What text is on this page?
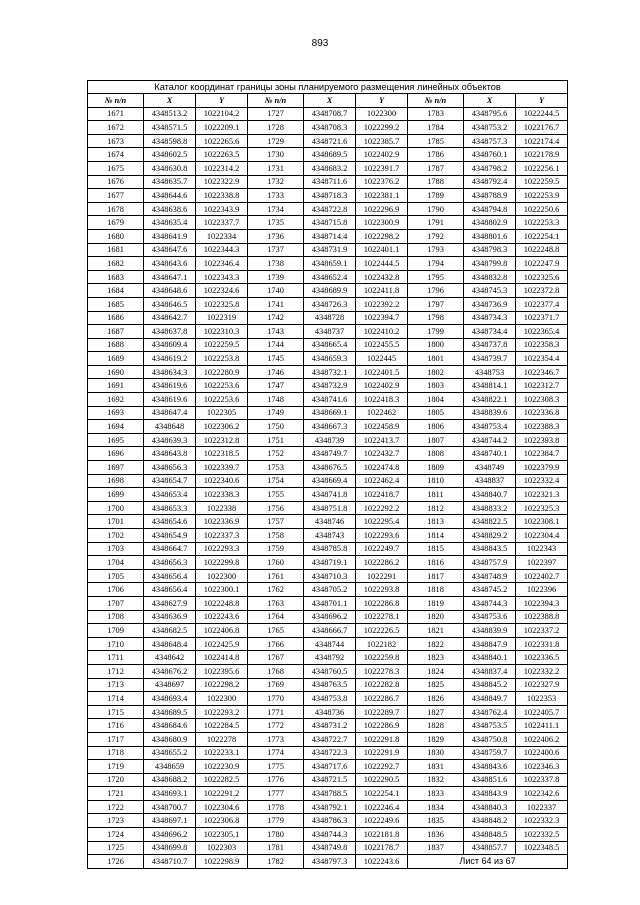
893
Каталог координат границы зоны планируемого размещения линейных объектов								
№ п/п	X	Y	№ п/п	X	Y	№ п/п	X	Y
1671	4348513.2	1022104.2	1727	4348708.7	1022300	1783	4348795.6	1022244.5
1672	4348571.5	1022209.1	1728	4348708.3	1022299.2	1784	4348753.2	1022176.7
1673	4348598.8	1022265.6	1729	4348721.6	1022385.7	1785	4348757.3	1022174.4
1674	4348602.5	1022263.5	1730	4348689.5	1022402.9	1786	4348760.1	1022178.9
1675	4348630.8	1022314.2	1731	4348683.2	1022391.7	1787	4348798.2	1022256.1
1676	4348635.7	1022322.9	1732	4348711.6	1022376.2	1788	4348792.4	1022259.5
1677	4348644.6	1022338.8	1733	4348718.3	1022381.1	1789	4348788.9	1022253.9
1678	4348638.6	1022343.9	1734	4348722.8	1022296.9	1790	4348794.8	1022250.6
1679	4348635.4	1022337.7	1735	4348715.8	1022300.9	1791	4348802.9	1022253.3
1680	4348641.9	1022334	1736	4348714.4	1022298.2	1792	4348801.6	1022254.1
1681	4348647.6	1022344.3	1737	4348731.9	1022401.1	1793	4348798.3	1022248.8
1682	4348643.6	1022346.4	1738	4348659.1	1022444.5	1794	4348799.8	1022247.9
1683	4348647.1	1022343.3	1739	4348652.4	1022432.8	1795	4348832.8	1022325.6
1684	4348648.6	1022324.6	1740	4348689.9	1022411.8	1796	4348745.3	1022372.8
1685	4348646.5	1022325.8	1741	4348726.3	1022392.2	1797	4348736.9	1022377.4
1686	4348642.7	1022319	1742	4348728	1022394.7	1798	4348734.3	1022371.7
1687	4348637.8	1022310.3	1743	4348737	1022410.2	1799	4348734.4	1022365.4
1688	4348609.4	1022259.5	1744	4348665.4	1022455.5	1800	4348737.8	1022358.3
1689	4348619.2	1022253.8	1745	4348659.3	1022445	1801	4348739.7	1022354.4
1690	4348634.3	1022280.9	1746	4348732.1	1022401.5	1802	4348753	1022346.7
1691	4348619.6	1022253.6	1747	4348732.9	1022402.9	1803	4348814.1	1022312.7
1692	4348619.6	1022253.6	1748	4348741.6	1022418.3	1804	4348822.1	1022308.3
1693	4348647.4	1022305	1749	4348669.1	1022462	1805	4348839.6	1022336.8
1694	4348648	1022306.2	1750	4348667.3	1022458.9	1806	4348753.4	1022388.3
1695	4348639.3	1022312.8	1751	4348739	1022413.7	1807	4348744.2	1022393.8
1696	4348643.8	1022318.5	1752	4348749.7	1022432.7	1808	4348740.1	1022384.7
1697	4348656.3	1022339.7	1753	4348676.5	1022474.8	1809	4348749	1022379.9
1698	4348654.7	1022340.6	1754	4348669.4	1022462.4	1810	4348837	1022332.4
1699	4348653.4	1022338.3	1755	4348741.8	1022418.7	1811	4348840.7	1022321.3
1700	4348653.3	1022338	1756	4348751.8	1022292.2	1812	4348833.2	1022325.3
1701	4348654.6	1022336.9	1757	4348746	1022295.4	1813	4348822.5	1022308.1
1702	4348654.9	1022337.3	1758	4348743	1022293.6	1814	4348829.2	1022304.4
1703	4348664.7	1022293.3	1759	4348785.8	1022249.7	1815	4348843.5	1022343
1704	4348656.3	1022299.8	1760	4348719.1	1022286.2	1816	4348757.9	1022397
1705	4348656.4	1022300	1761	4348710.3	1022291	1817	4348748.9	1022402.7
1706	4348656.4	1022300.1	1762	4348705.2	1022293.8	1818	4348745.2	1022396
1707	4348627.9	1022248.8	1763	4348701.1	1022286.8	1819	4348744.3	1022394.3
1708	4348636.9	1022243.6	1764	4348696.2	1022278.1	1820	4348753.6	1022388.8
1709	4348682.5	1022406.8	1765	4348666.7	1022226.5	1821	4348839.9	1022337.2
1710	4348648.4	1022425.9	1766	4348744	1022182	1822	4348847.9	1022331.8
1711	4348642	1022414.8	1767	4348792	1022259.8	1823	4348840.1	1022336.5
1712	4348676.2	1022395.6	1768	4348760.5	1022278.3	1824	4348837.4	1022332.2
1713	4348697	1022298.2	1769	4348763.5	1022282.8	1825	4348845.2	1022327.9
1714	4348693.4	1022300	1770	4348753.8	1022286.7	1826	4348849.7	1022353
1715	4348689.5	1022293.2	1771	4348736	1022289.7	1827	4348762.4	1022405.7
1716	4348684.6	1022284.5	1772	4348731.2	1022286.9	1828	4348753.5	1022411.1
1717	4348680.9	1022278	1773	4348722.7	1022291.8	1829	4348750.8	1022406.2
1718	4348655.2	1022233.1	1774	4348722.3	1022291.9	1830	4348759.7	1022400.6
1719	4348659	1022230.9	1775	4348717.6	1022292.7	1831	4348843.6	1022346.3
1720	4348688.2	1022282.5	1776	4348721.5	1022290.5	1832	4348851.6	1022337.8
1721	4348693.1	1022291.2	1777	4348788.5	1022254.1	1833	4348843.9	1022342.6
1722	4348700.7	1022304.6	1778	4348792.1	1022246.4	1834	4348840.3	1022337
1723	4348697.1	1022306.8	1779	4348786.3	1022249.6	1835	4348848.2	1022332.3
1724	4348696.2	1022305.1	1780	4348744.3	1022181.8	1836	4348848.5	1022332.5
1725	4348699.8	1022303	1781	4348749.8	1022178.7	1837	4348857.7	1022348.5
1726	4348710.7	1022298.9	1782	4348797.3	1022243.6	Лист 64 из 67		
